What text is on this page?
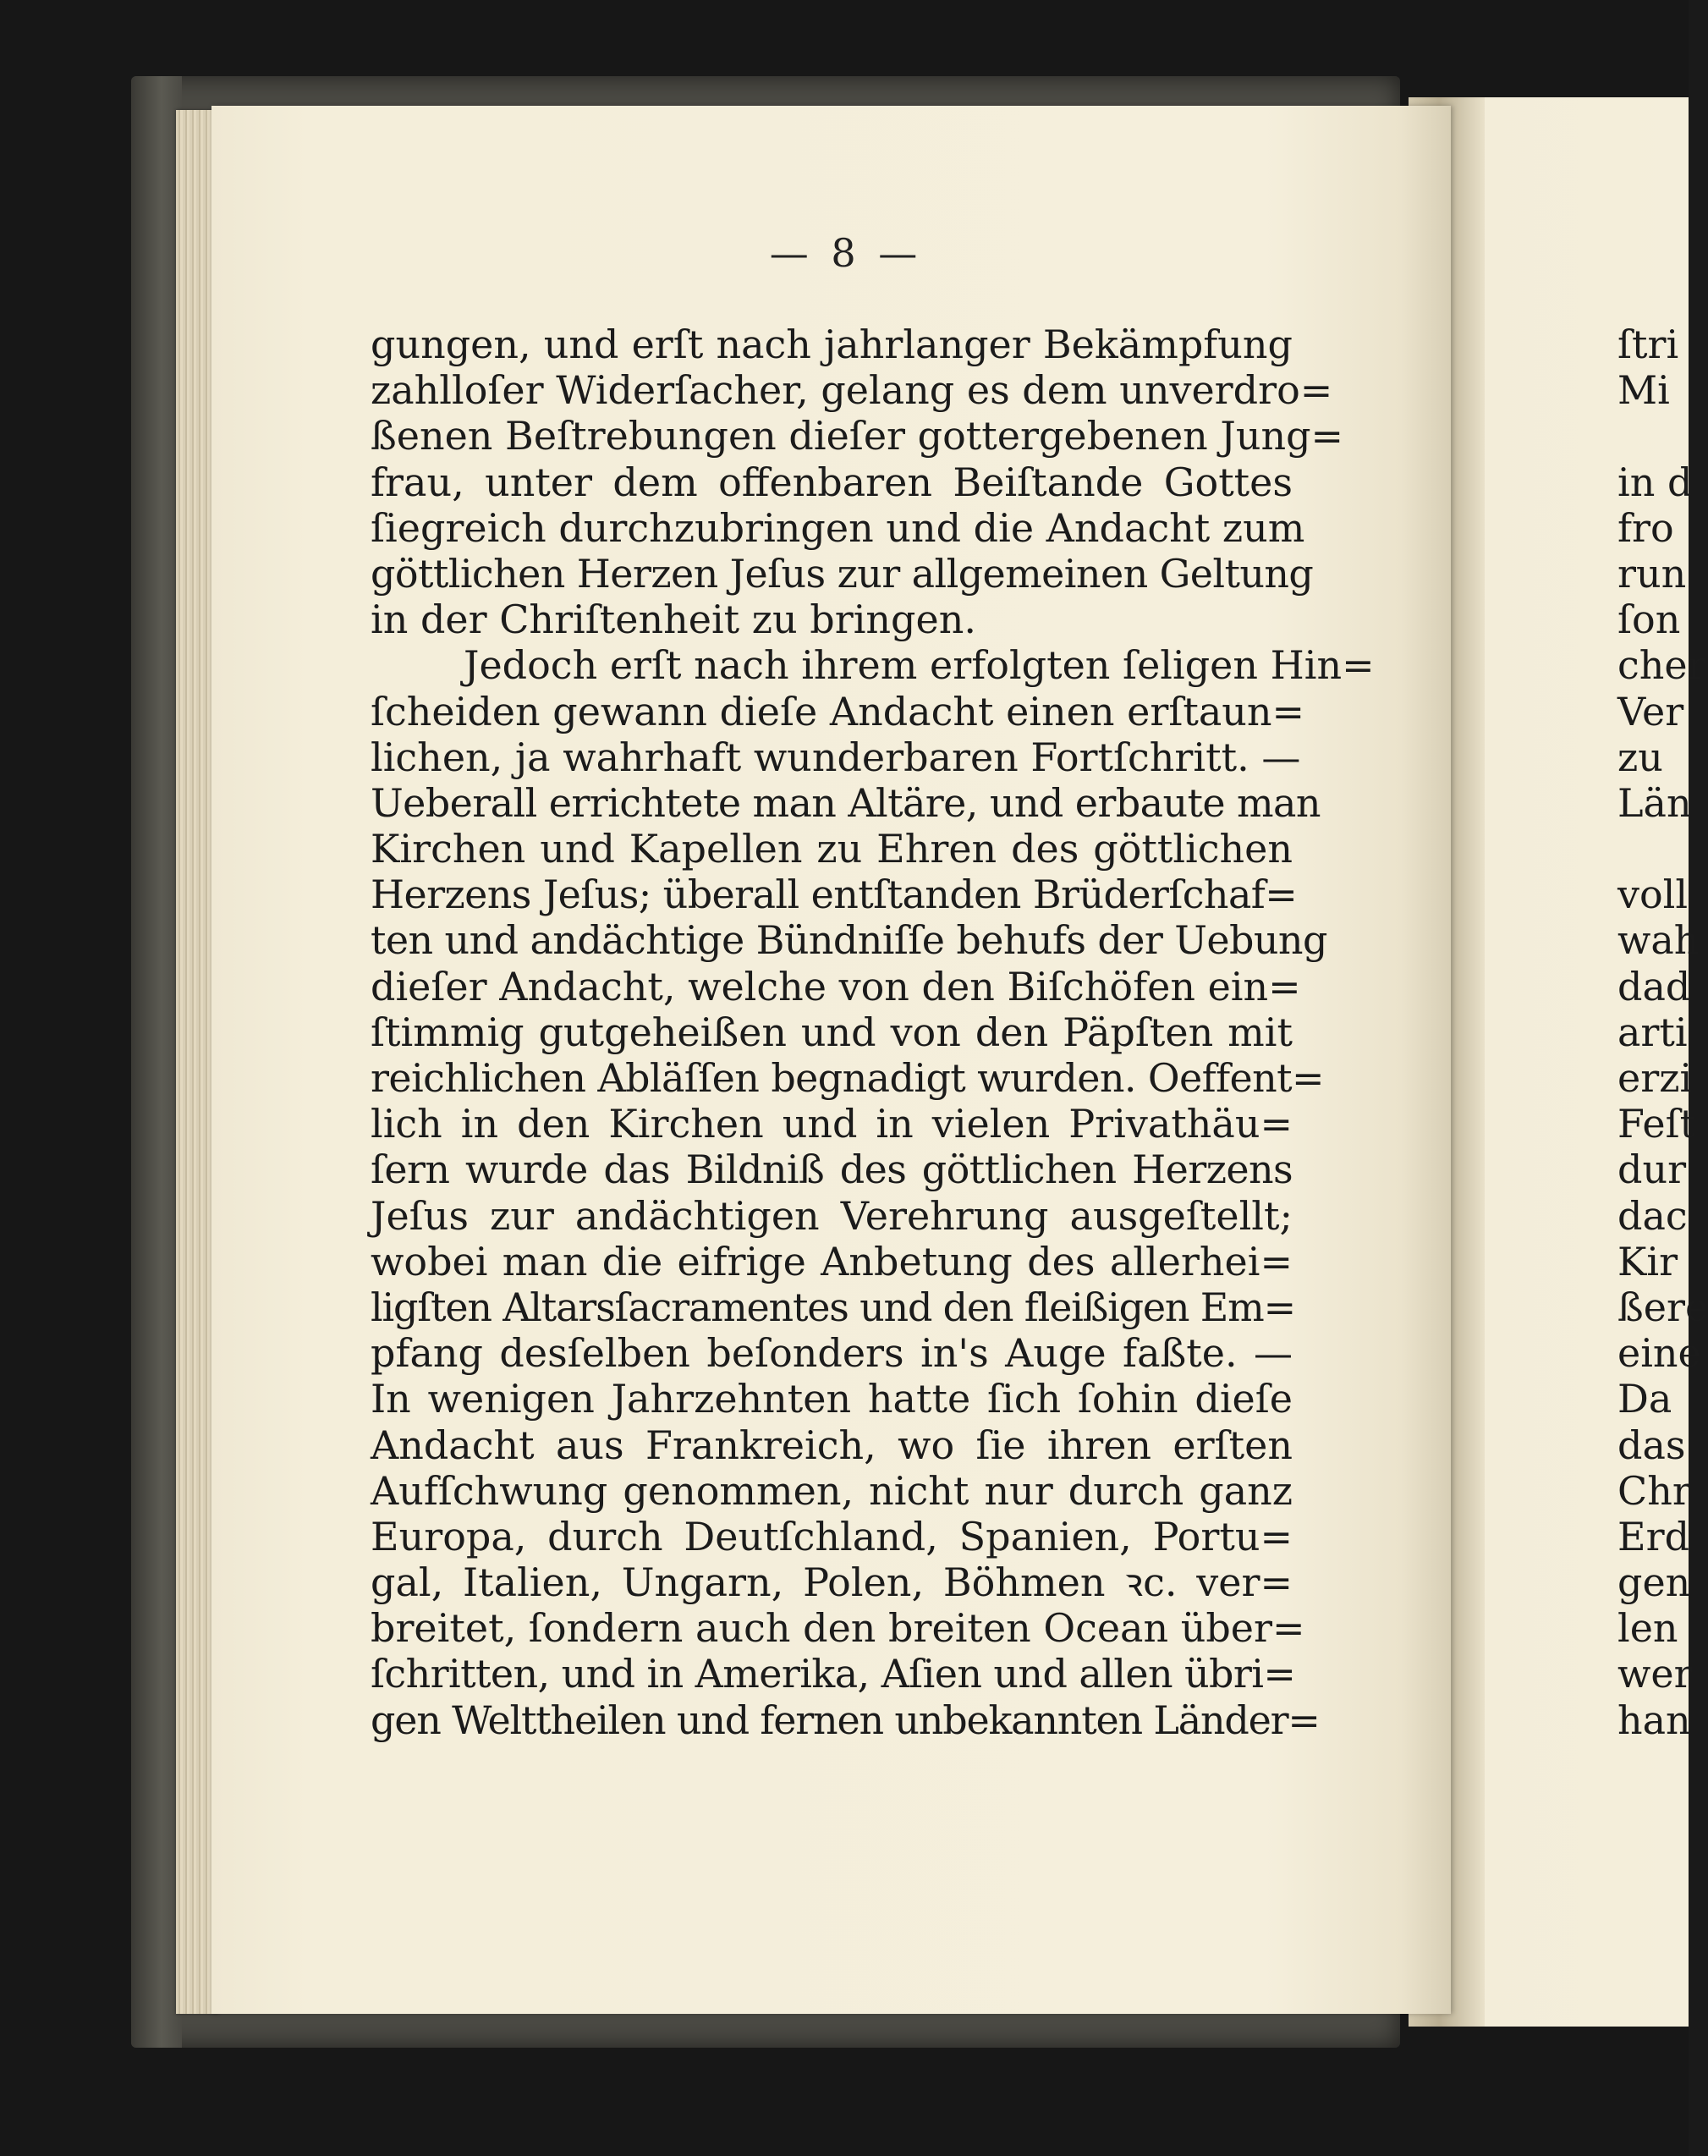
— 8 —
gungen, und erſt nach jahrlanger Bekämpfung
zahlloſer Widerſacher, gelang es dem unverdro=
ßenen Beſtrebungen dieſer gottergebenen Jung=
frau, unter dem offenbaren Beiſtande Gottes
ſiegreich durchzubringen und die Andacht zum
göttlichen Herzen Jeſus zur allgemeinen Geltung
in der Chriſtenheit zu bringen.
Jedoch erſt nach ihrem erfolgten ſeligen Hin=
ſcheiden gewann dieſe Andacht einen erſtaun=
lichen, ja wahrhaft wunderbaren Fortſchritt. —
Ueberall errichtete man Altäre, und erbaute man
Kirchen und Kapellen zu Ehren des göttlichen
Herzens Jeſus; überall entſtanden Brüderſchaf=
ten und andächtige Bündniſſe behufs der Uebung
dieſer Andacht, welche von den Biſchöfen ein=
ſtimmig gutgeheißen und von den Päpſten mit
reichlichen Abläſſen begnadigt wurden. Oeffent=
lich in den Kirchen und in vielen Privathäu=
ſern wurde das Bildniß des göttlichen Herzens
Jeſus zur andächtigen Verehrung ausgeſtellt;
wobei man die eifrige Anbetung des allerhei=
ligſten Altarsſacramentes und den fleißigen Em=
pfang desſelben beſonders in's Auge faßte. —
In wenigen Jahrzehnten hatte ſich ſohin dieſe
Andacht aus Frankreich, wo ſie ihren erſten
Aufſchwung genommen, nicht nur durch ganz
Europa, durch Deutſchland, Spanien, Portu=
gal, Italien, Ungarn, Polen, Böhmen ꝛc. ver=
breitet, ſondern auch den breiten Ocean über=
ſchritten, und in Amerika, Aſien und allen übri=
gen Welttheilen und fernen unbekannten Länder=
ſtri
Mi
in d
fro
run
ſon
cher
Ver
zu
Län
voll
wah
dad
arti
erzi
Feſt
dur
dac
Kir
ßere
eine
Da
das
Chr
Erd
gen
len
wer
han
